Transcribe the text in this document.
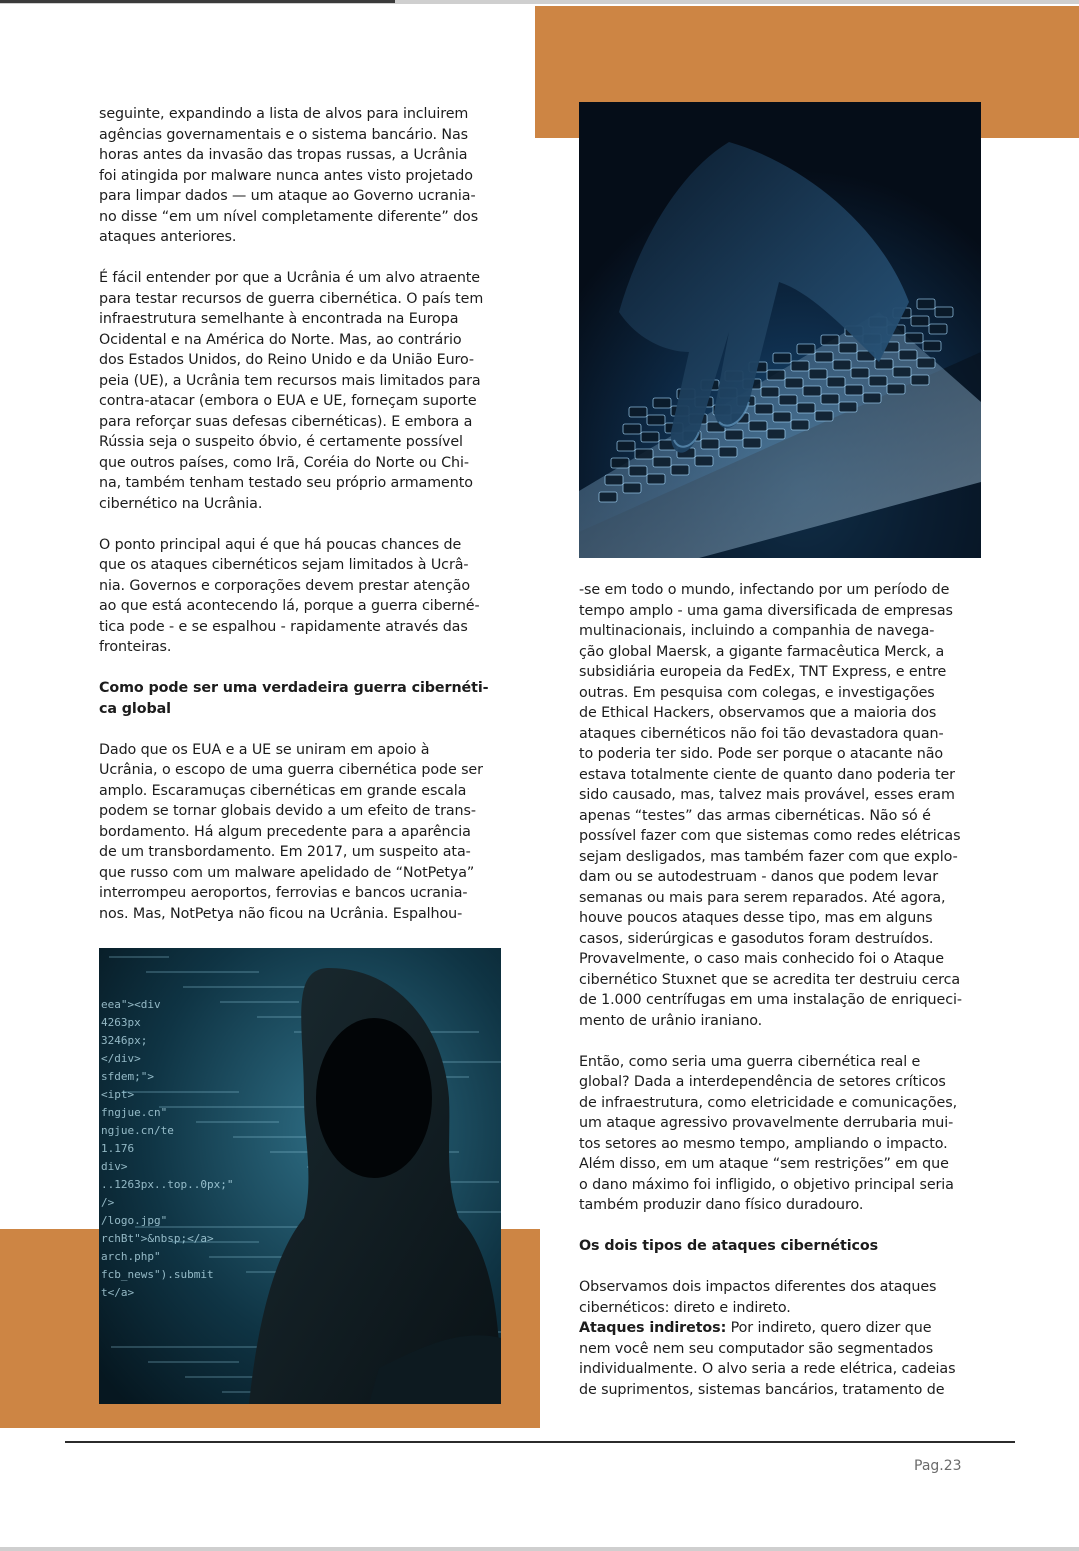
seguinte, expandindo a lista de alvos para incluirem
agências governamentais e o sistema bancário. Nas
horas antes da invasão das tropas russas, a Ucrânia
foi atingida por malware nunca antes visto projetado
para limpar dados — um ataque ao Governo ucrania-
no disse “em um nível completamente diferente” dos
ataques anteriores.

É fácil entender por que a Ucrânia é um alvo atraente
para testar recursos de guerra cibernética. O país tem
infraestrutura semelhante à encontrada na Europa
Ocidental e na América do Norte. Mas, ao contrário
dos Estados Unidos, do Reino Unido e da União Euro-
peia (UE), a Ucrânia tem recursos mais limitados para
contra-atacar (embora o EUA e UE, forneçam suporte
para reforçar suas defesas cibernéticas). E embora a
Rússia seja o suspeito óbvio, é certamente possível
que outros países, como Irã, Coréia do Norte ou Chi-
na, também tenham testado seu próprio armamento
cibernético na Ucrânia.

O ponto principal aqui é que há poucas chances de
que os ataques cibernéticos sejam limitados à Ucrâ-
nia. Governos e corporações devem prestar atenção
ao que está acontecendo lá, porque a guerra ciberné-
tica pode - e se espalhou - rapidamente através das
fronteiras.

Como pode ser uma verdadeira guerra cibernéti-
ca global

Dado que os EUA e a UE se uniram em apoio à
Ucrânia, o escopo de uma guerra cibernética pode ser
amplo. Escaramuças cibernéticas em grande escala
podem se tornar globais devido a um efeito de trans-
bordamento. Há algum precedente para a aparência
de um transbordamento. Em 2017, um suspeito ata-
que russo com um malware apelidado de “NotPetya”
interrompeu aeroportos, ferrovias e bancos ucrania-
nos. Mas, NotPetya não ficou na Ucrânia. Espalhou-

eea"><div
4263px
3246px;
</div>
sfdem;">
<ipt>
fngjue.cn"
ngjue.cn/te
1.176
div>
..1263px..top..0px;"
/>
/logo.jpg"
rchBt">&nbsp;</a>
arch.php"
fcb_news").submit
t</a>

-se em todo o mundo, infectando por um período de
tempo amplo - uma gama diversificada de empresas
multinacionais, incluindo a companhia de navega-
ção global Maersk, a gigante farmacêutica Merck, a
subsidiária europeia da FedEx, TNT Express, e entre
outras. Em pesquisa com colegas, e investigações
de Ethical Hackers, observamos que a maioria dos
ataques cibernéticos não foi tão devastadora quan-
to poderia ter sido. Pode ser porque o atacante não
estava totalmente ciente de quanto dano poderia ter
sido causado, mas, talvez mais provável, esses eram
apenas “testes” das armas cibernéticas. Não só é
possível fazer com que sistemas como redes elétricas
sejam desligados, mas também fazer com que explo-
dam ou se autodestruam - danos que podem levar
semanas ou mais para serem reparados. Até agora,
houve poucos ataques desse tipo, mas em alguns
casos, siderúrgicas e gasodutos foram destruídos.
Provavelmente, o caso mais conhecido foi o Ataque
cibernético Stuxnet que se acredita ter destruiu cerca
de 1.000 centrífugas em uma instalação de enriqueci-
mento de urânio iraniano.

Então, como seria uma guerra cibernética real e
global? Dada a interdependência de setores críticos
de infraestrutura, como eletricidade e comunicações,
um ataque agressivo provavelmente derrubaria mui-
tos setores ao mesmo tempo, ampliando o impacto.
Além disso, em um ataque “sem restrições” em que
o dano máximo foi infligido, o objetivo principal seria
também produzir dano físico duradouro.

Os dois tipos de ataques cibernéticos

Observamos dois impactos diferentes dos ataques
cibernéticos: direto e indireto.

Ataques indiretos: Por indireto, quero dizer que
nem você nem seu computador são segmentados
individualmente. O alvo seria a rede elétrica, cadeias
de suprimentos, sistemas bancários, tratamento de

Pag.23
